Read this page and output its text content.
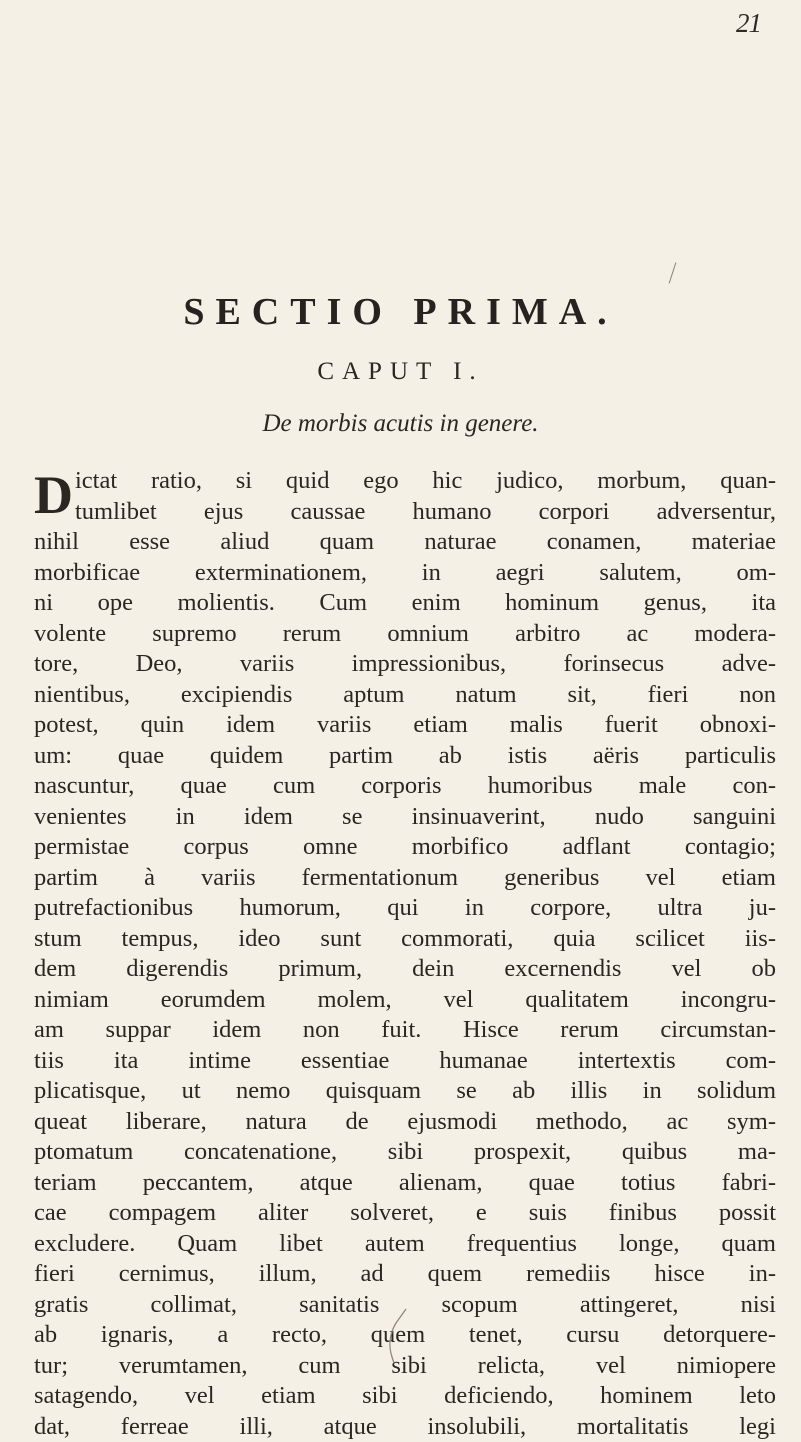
21
SECTIO PRIMA.
CAPUT I.
De morbis acutis in genere.
D ictat ratio, si quid ego hic judico, morbum, quan-
tumlibet ejus caussae humano corpori adversentur,
nihil esse aliud quam naturae conamen, materiae
morbificae exterminationem, in aegri salutem, om-
ni ope molientis. Cum enim hominum genus, ita
volente supremo rerum omnium arbitro ac modera-
tore, Deo, variis impressionibus, forinsecus adve-
nientibus, excipiendis aptum natum sit, fieri non
potest, quin idem variis etiam malis fuerit obnoxi-
um: quae quidem partim ab istis aëris particulis
nascuntur, quae cum corporis humoribus male con-
venientes in idem se insinuaverint, nudo sanguini
permistae corpus omne morbifico adflant contagio;
partim à variis fermentationum generibus vel etiam
putrefactionibus humorum, qui in corpore, ultra ju-
stum tempus, ideo sunt commorati, quia scilicet iis-
dem digerendis primum, dein excernendis vel ob
nimiam eorumdem molem, vel qualitatem incongru-
am suppar idem non fuit. Hisce rerum circumstan-
tiis ita intime essentiae humanae intertextis com-
plicatisque, ut nemo quisquam se ab illis in solidum
queat liberare, natura de ejusmodi methodo, ac sym-
ptomatum concatenatione, sibi prospexit, quibus ma-
teriam peccantem, atque alienam, quae totius fabri-
cae compagem aliter solveret, e suis finibus possit
excludere. Quam libet autem frequentius longe, quam
fieri cernimus, illum, ad quem remediis hisce in-
gratis collimat, sanitatis scopum attingeret, nisi
ab ignaris, a recto, quem tenet, cursu detorquere-
tur; verumtamen, cum sibi relicta, vel nimiopere
satagendo, vel etiam sibi deficiendo, hominem leto
dat, ferreae illi, atque insolubili, mortalitatis legi
